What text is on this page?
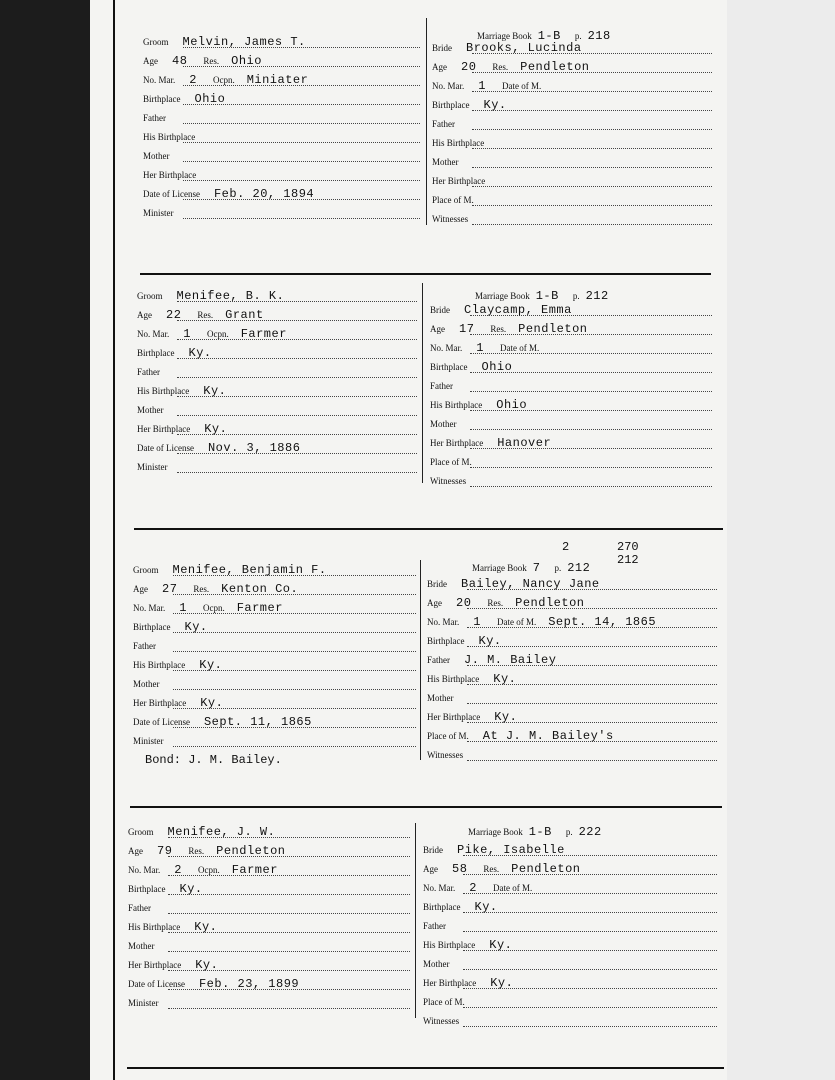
Groom Melvin, James T.
Age 48 Res. Ohio
No. Mar. 2 Ocpn. Miniater
Birthplace Ohio
Father
His Birthplace
Mother
Her Birthplace
Date of License Feb. 20, 1894
Minister
Bride Brooks, Lucinda
Age 20 Res. Pendleton
No. Mar. 1 Date of M.
Birthplace Ky.
Father
His Birthplace
Mother
Her Birthplace
Place of M.
Witnesses
Marriage Book 1-B p. 218
Groom Menifee, B. K.
Age 22 Res. Grant
No. Mar. 1 Ocpn. Farmer
Birthplace Ky.
Father
His Birthplace Ky.
Mother
Her Birthplace Ky.
Date of License Nov. 3, 1886
Minister
Bride Claycamp, Emma
Age 17 Res. Pendleton
No. Mar. 1 Date of M.
Birthplace Ohio
Father
His Birthplace Ohio
Mother
Her Birthplace Hanover
Place of M.
Witnesses
Marriage Book 1-B p. 212
Groom Menifee, Benjamin F.
Age 27 Res. Kenton Co.
No. Mar. 1 Ocpn. Farmer
Birthplace Ky.
Father
His Birthplace Ky.
Mother
Her Birthplace Ky.
Date of License Sept. 11, 1865
Minister
Bride Bailey, Nancy Jane
Age 20 Res. Pendleton
No. Mar. 1 Date of M. Sept. 14, 1865
Birthplace Ky.
Father J. M. Bailey
His Birthplace Ky.
Mother
Her Birthplace Ky.
Place of M. At J. M. Bailey's
Witnesses
Marriage Book 7 p. 212
Groom Menifee, J. W.
Age 79 Res. Pendleton
No. Mar. 2 Ocpn. Farmer
Birthplace Ky.
Father
His Birthplace Ky.
Mother
Her Birthplace Ky.
Date of License Feb. 23, 1899
Minister
Bride Pike, Isabelle
Age 58 Res. Pendleton
No. Mar. 2 Date of M.
Birthplace Ky.
Father
His Birthplace Ky.
Mother
Her Birthplace Ky.
Place of M.
Witnesses
Marriage Book 1-B p. 222
2	270
212
Bond: J. M. Bailey.
